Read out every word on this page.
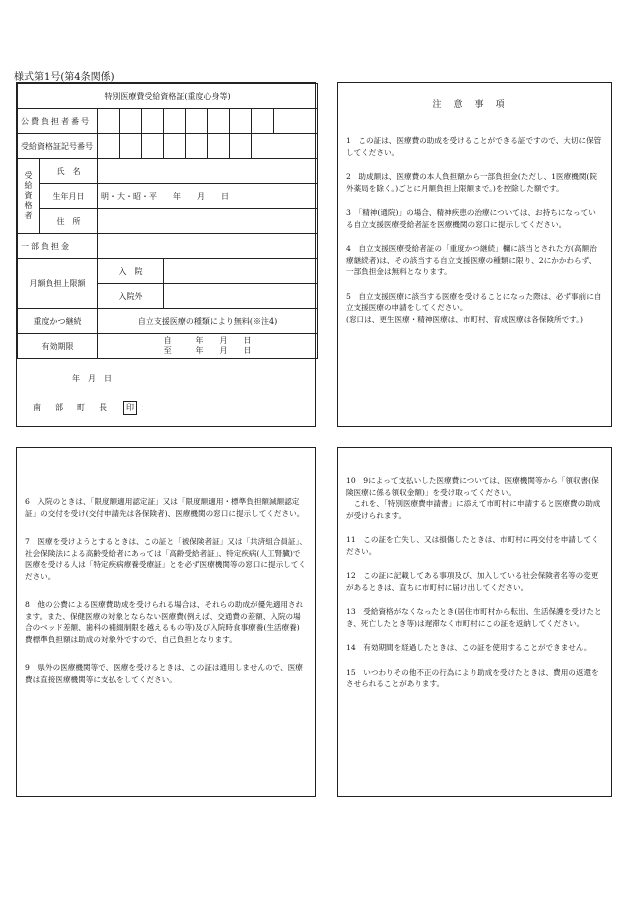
様式第1号(第4条関係)
特別医療費受給資格証(重度心身等)										
公費負担者番号										
受給資格証記号番号										
受給資格者	氏　名									
	生年月日	明・大・昭・平　　年　　月　　日								
	住　所									
一部負担金										
月額負担上限額		入　院								
		入院外								
重度かつ継続		自立支援医療の種類により無料(※注4)								
有効期限		自　　　年　　月　　日
至　　　年　　月　　日								
年　月　日
南部町長 印
注意事項
1　この証は、医療費の助成を受けることができる証ですので、大切に保管してください。
2　助成額は、医療費の本人負担額から一部負担金(ただし、1医療機関(院外薬局を除く。)ごとに月額負担上限額まで。)を控除した額です。
3　「精神(通院)」の場合、精神疾患の治療については、お持ちになっている自立支援医療受給者証を医療機関の窓口に提示してください。
4　自立支援医療受給者証の「重度かつ継続」欄に該当とされた方(高額治療継続者)は、その該当する自立支援医療の種類に限り、2にかかわらず、一部負担金は無料となります。

5　自立支援医療に該当する医療を受けることになった際は、必ず事前に自立支援医療の申請をしてください。

(窓口は、更生医療・精神医療は、市町村、育成医療は各保険所です。)

6　入院のときは、「限度額適用認定証」又は「限度額適用・標準負担額減額認定証」の交付を受け(交付申請先は各保険者)、医療機関の窓口に提示してください。
7　医療を受けようとするときは、この証と「被保険者証」又は「共済組合員証」、社会保険法による高齢受給者にあっては「高齢受給者証」、特定疾病(人工腎臓)で医療を受ける人は「特定疾病療養受療証」とを必ず医療機関等の窓口に提示してください。
8　他の公費による医療費助成を受けられる場合は、それらの助成が優先適用されます。また、保健医療の対象とならない医療費(例えば、交通費の差額、入院の場合のベッド差額、歯科の補綴制限を越えるもの等)及び入院時食事療養(生活療養)費標準負担額は助成の対象外ですので、自己負担となります。
9　県外の医療機関等で、医療を受けるときは、この証は通用しませんので、医療費は直接医療機関等に支払をしてください。

10　9によって支払いした医療費については、医療機関等から「領収書(保険医療に係る領収金額)」を受け取ってください。

　これを、「特別医療費申請書」に添えて市町村に申請すると医療費の助成が受けられます。

11　この証を亡失し、又は損傷したときは、市町村に再交付を申請してください。
12　この証に記載してある事項及び、加入している社会保険者名等の変更があるときは、直ちに市町村に届け出してください。
13　受給資格がなくなったとき(居住市町村から転出、生活保護を受けたとき、死亡したとき等)は遅滞なく市町村にこの証を返納してください。
14　有効期間を経過したときは、この証を使用することができません。
15　いつわりその他不正の行為により助成を受けたときは、費用の返還をさせられることがあります。
